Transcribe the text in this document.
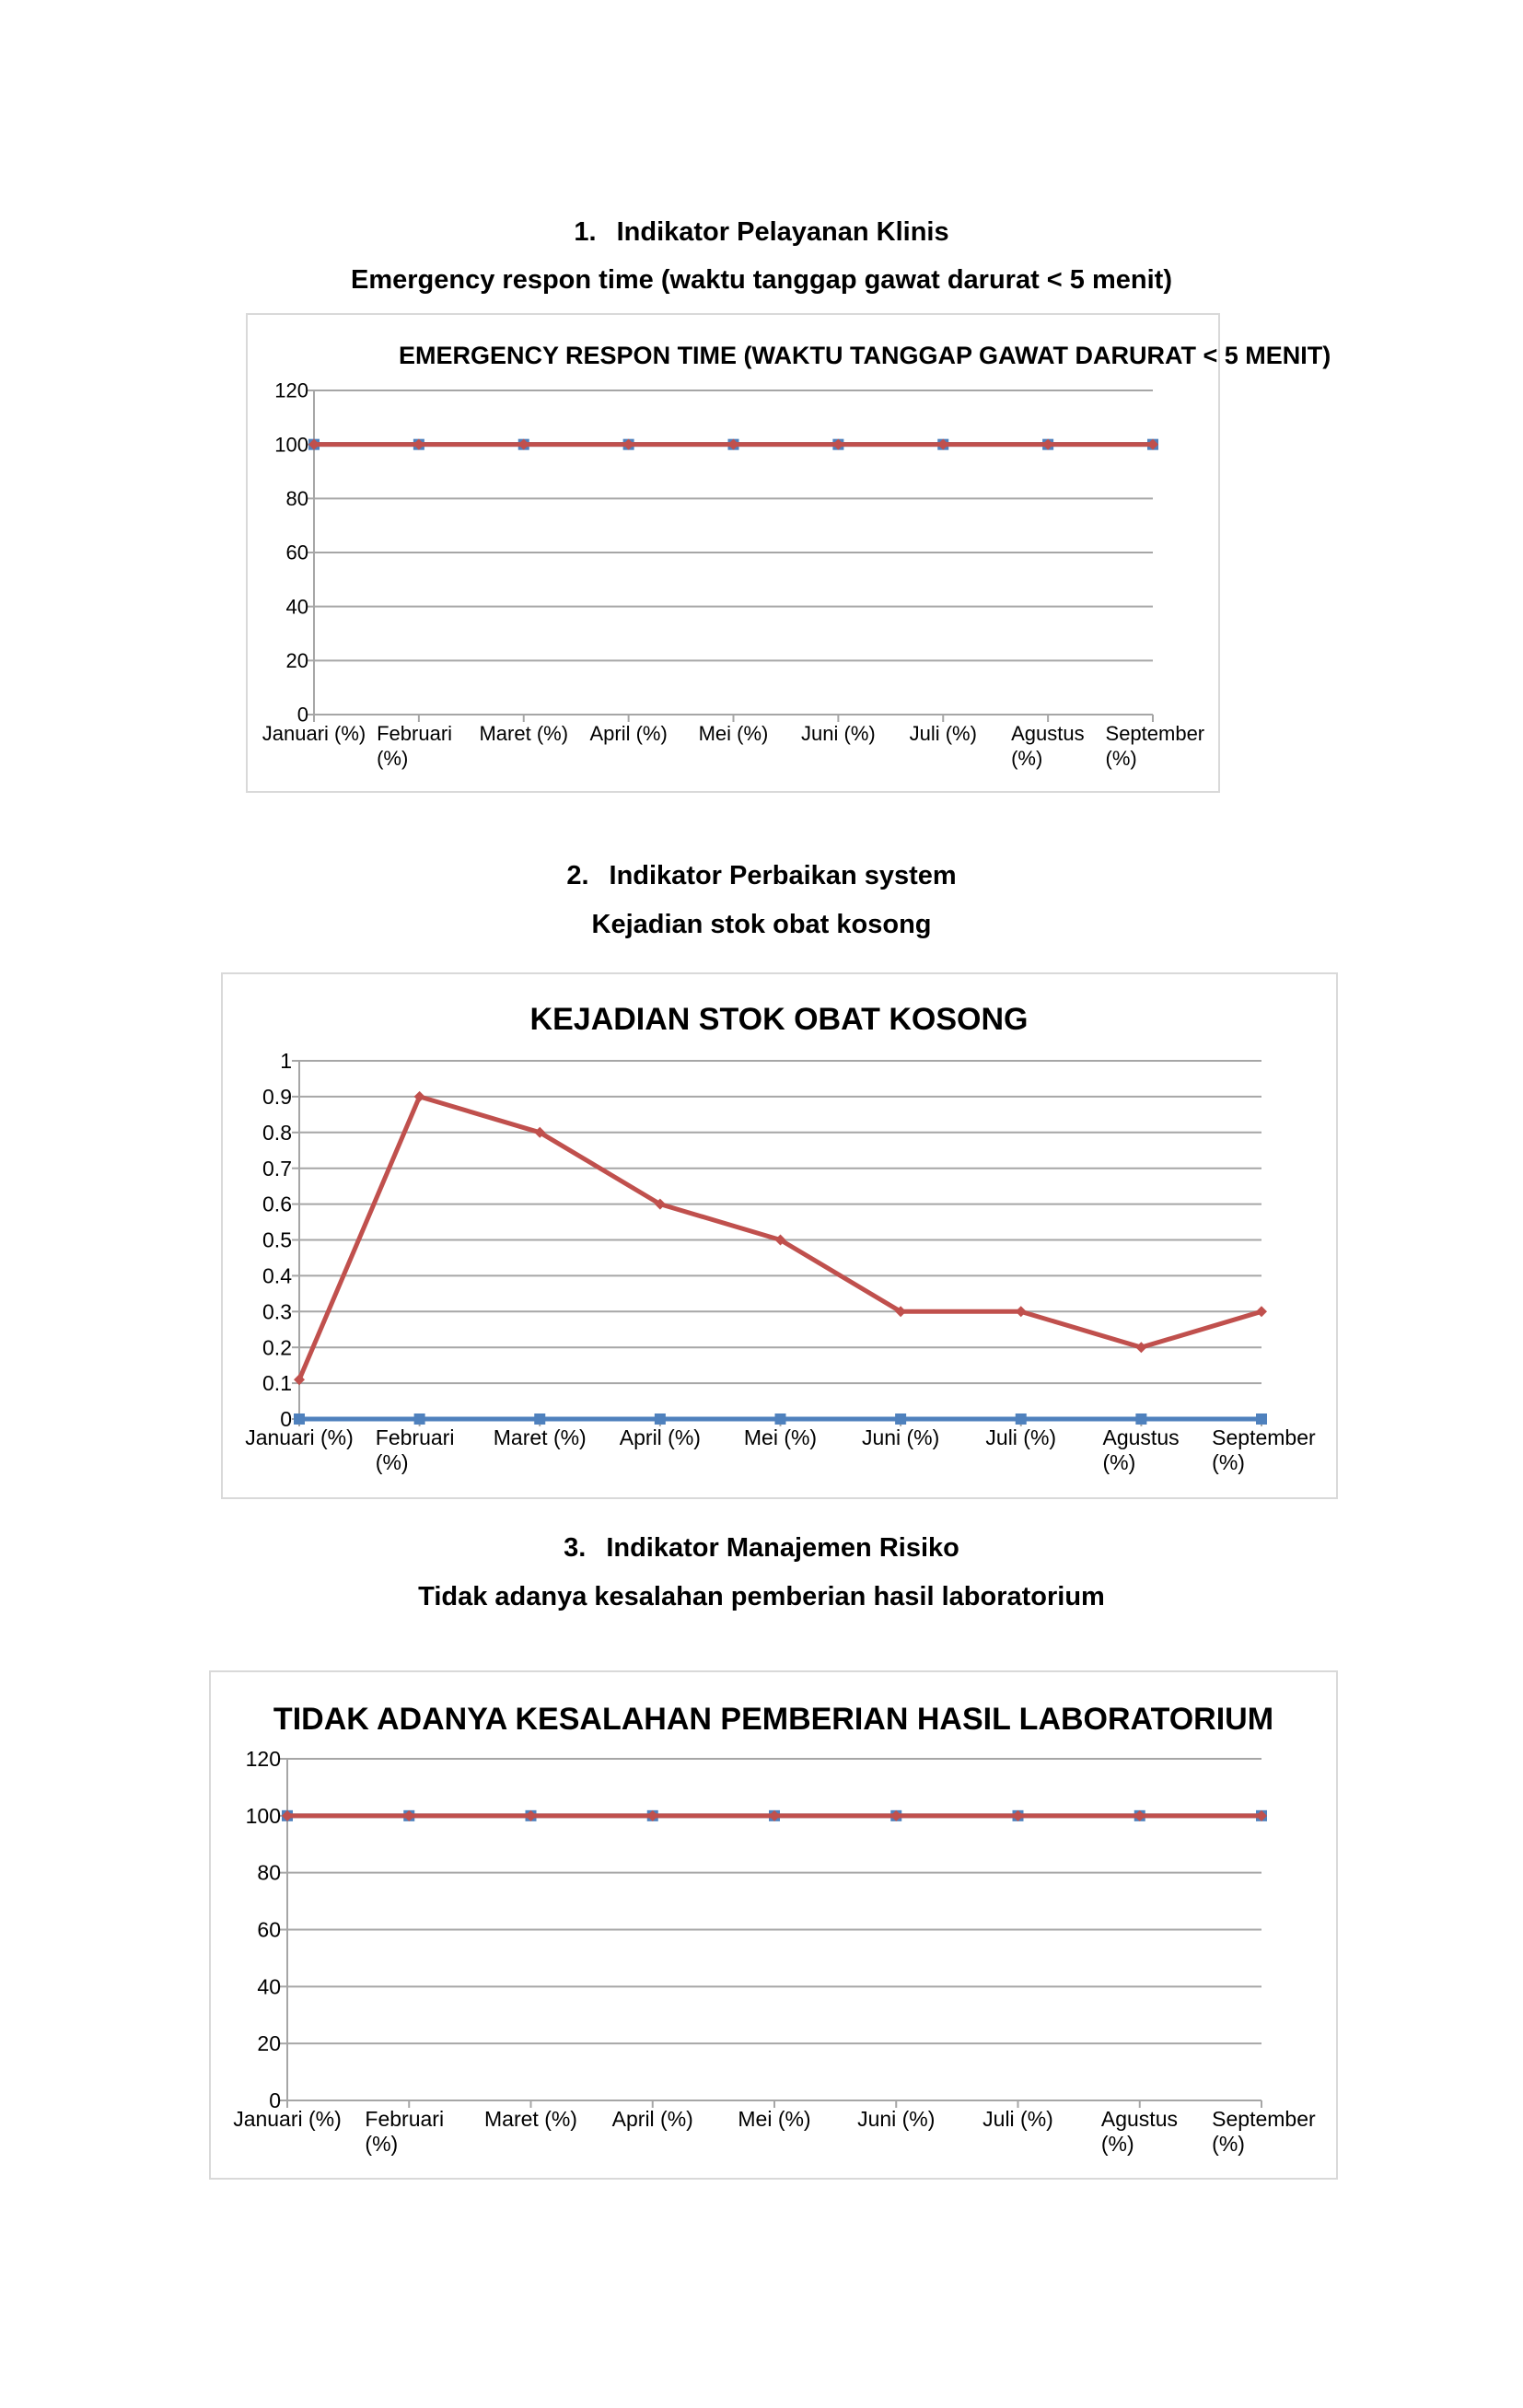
1. Indikator Pelayanan Klinis
Emergency respon time (waktu tanggap gawat darurat < 5 menit)
EMERGENCY RESPON TIME (WAKTU TANGGAP GAWAT DARURAT < 5 MENIT)
0
20
40
60
80
100
120
Januari (%) Februari (%)
Maret (%) April (%) Mei (%) Juni (%) Juli (%) Agustus (%)
September (%)
2. Indikator Perbaikan system
Kejadian stok obat kosong
KEJADIAN STOK OBAT KOSONG
0
0.1
0.2
0.3
0.4
0.5
0.6
0.7
0.8
0.9
1
Januari (%) Februari (%)
Maret (%) April (%) Mei (%) Juni (%) Juli (%) Agustus (%)
September (%)
3. Indikator Manajemen Risiko
Tidak adanya kesalahan pemberian hasil laboratorium
TIDAK ADANYA KESALAHAN PEMBERIAN HASIL LABORATORIUM
0
20
40
60
80
100
120
Januari (%) Februari (%)
Maret (%) April (%) Mei (%) Juni (%) Juli (%) Agustus (%)
September (%)
